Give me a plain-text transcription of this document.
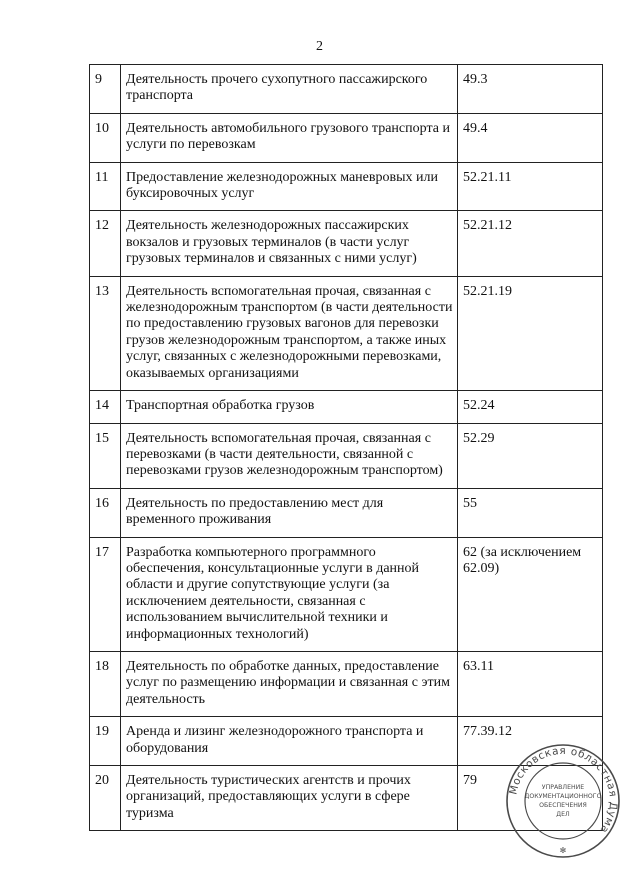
2
9	Деятельность прочего сухопутного пассажирского транспорта	49.3
10	Деятельность автомобильного грузового транспорта и услуги по перевозкам	49.4
11	Предоставление железнодорожных маневровых или буксировочных услуг	52.21.11
12	Деятельность железнодорожных пассажирских вокзалов и грузовых терминалов (в части услуг грузовых терминалов и связанных с ними услуг)	52.21.12
13	Деятельность вспомогательная прочая, связанная с железнодорожным транспортом (в части деятельности по предоставлению грузовых вагонов для перевозки грузов железнодорожным транспортом, а также иных услуг, связанных с железнодорожными перевозками, оказываемых организациями	52.21.19
14	Транспортная обработка грузов	52.24
15	Деятельность вспомогательная прочая, связанная с перевозками (в части деятельности, связанной с перевозками грузов железнодорожным транспортом)	52.29
16	Деятельность по предоставлению мест для временного проживания	55
17	Разработка компьютерного программного обеспечения, консультационные услуги в данной области и другие сопутствующие услуги (за исключением деятельности, связанная с использованием вычислительной техники и информационных технологий)	62 (за исключением 62.09)
18	Деятельность по обработке данных, предоставление услуг по размещению информации и связанная с этим деятельность	63.11
19	Аренда и лизинг железнодорожного транспорта и оборудования	77.39.12
20	Деятельность туристических агентств и прочих организаций, предоставляющих услуги в сфере туризма	79
Московская областная Дума
УПРАВЛЕНИЕ
ДОКУМЕНТАЦИОННОГО
ОБЕСПЕЧЕНИЯ
ДЕЛ
✻
